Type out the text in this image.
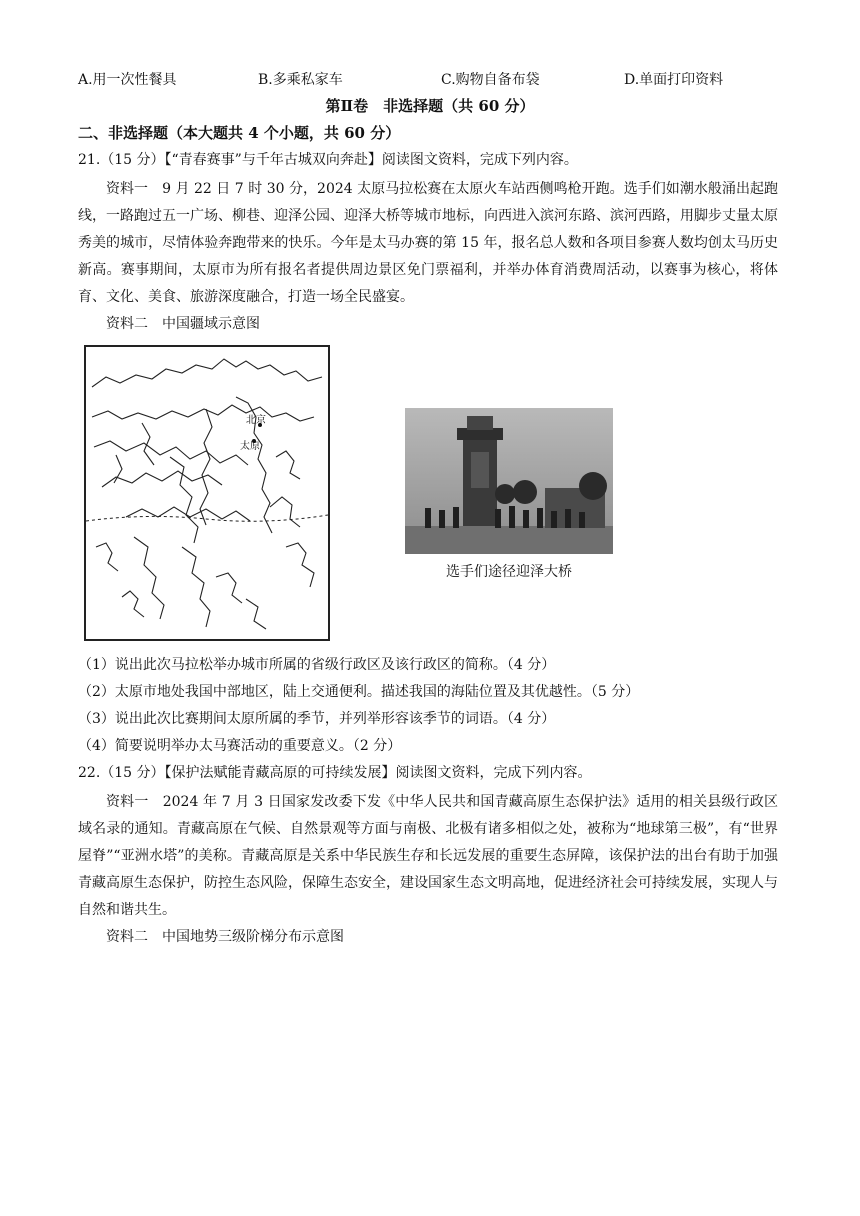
A.用一次性餐具	B.多乘私家车	C.购物自备布袋	D.单面打印资料
第Ⅱ卷　非选择题（共 60 分）
二、非选择题（本大题共 4 个小题，共 60 分）
21.（15 分）【“青春赛事”与千年古城双向奔赴】阅读图文资料，完成下列内容。
资料一　9 月 22 日 7 时 30 分，2024 太原马拉松赛在太原火车站西侧鸣枪开跑。选手们如潮水般涌出起跑线，一路跑过五一广场、柳巷、迎泽公园、迎泽大桥等城市地标，向西进入滨河东路、滨河西路，用脚步丈量太原秀美的城市，尽情体验奔跑带来的快乐。今年是太马办赛的第 15 年，报名总人数和各项目参赛人数均创太马历史新高。赛事期间，太原市为所有报名者提供周边景区免门票福利，并举办体育消费周活动，以赛事为核心，将体育、文化、美食、旅游深度融合，打造一场全民盛宴。
资料二　中国疆域示意图
北京
太原
选手们途径迎泽大桥
（1）说出此次马拉松举办城市所属的省级行政区及该行政区的简称。（4 分）
（2）太原市地处我国中部地区，陆上交通便利。描述我国的海陆位置及其优越性。（5 分）
（3）说出此次比赛期间太原所属的季节，并列举形容该季节的词语。（4 分）
（4）简要说明举办太马赛活动的重要意义。（2 分）
22.（15 分）【保护法赋能青藏高原的可持续发展】阅读图文资料，完成下列内容。
资料一　2024 年 7 月 3 日国家发改委下发《中华人民共和国青藏高原生态保护法》适用的相关县级行政区域名录的通知。青藏高原在气候、自然景观等方面与南极、北极有诸多相似之处，被称为“地球第三极”，有“世界屋脊”“亚洲水塔”的美称。青藏高原是关系中华民族生存和长远发展的重要生态屏障，该保护法的出台有助于加强青藏高原生态保护，防控生态风险，保障生态安全，建设国家生态文明高地，促进经济社会可持续发展，实现人与自然和谐共生。
资料二　中国地势三级阶梯分布示意图
